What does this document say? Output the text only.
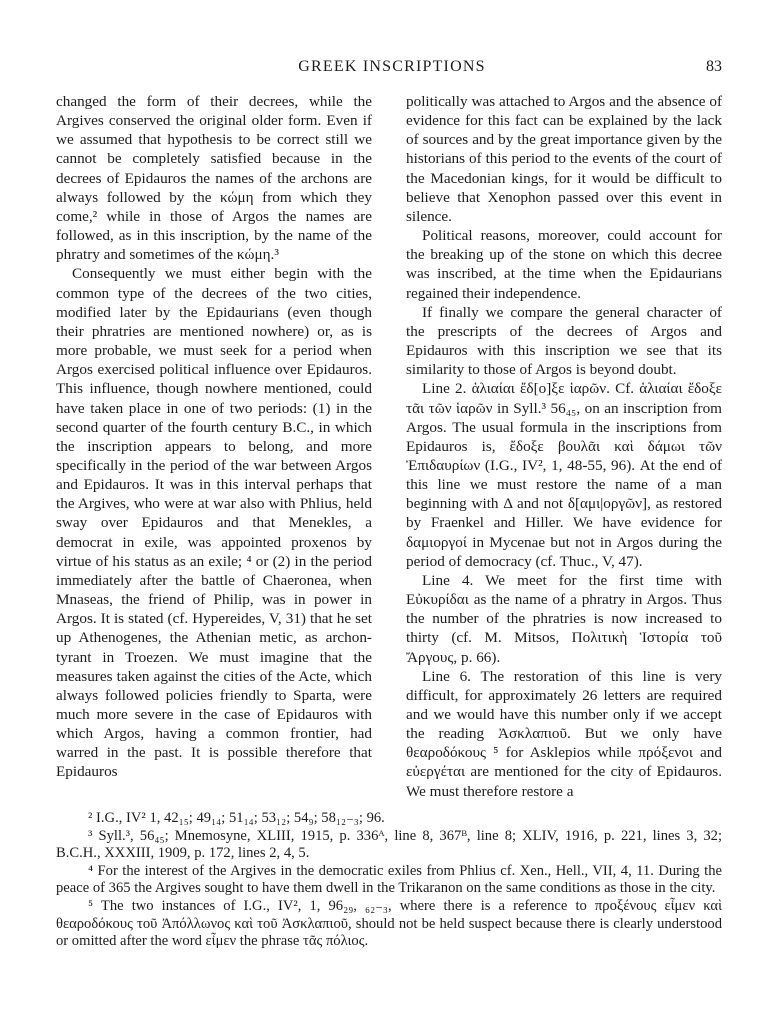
GREEK INSCRIPTIONS	83

changed the form of their decrees, while the Argives conserved the original older form. Even if we assumed that hypothesis to be correct still we cannot be completely satisfied because in the decrees of Epidauros the names of the archons are always followed by the κώμη from which they come,² while in those of Argos the names are followed, as in this inscription, by the name of the phratry and sometimes of the κώμη.³

Consequently we must either begin with the common type of the decrees of the two cities, modified later by the Epidaurians (even though their phratries are mentioned nowhere) or, as is more probable, we must seek for a period when Argos exercised political influence over Epidauros. This influence, though nowhere mentioned, could have taken place in one of two periods: (1) in the second quarter of the fourth century B.C., in which the inscription appears to belong, and more specifically in the period of the war between Argos and Epidauros. It was in this interval perhaps that the Argives, who were at war also with Phlius, held sway over Epidauros and that Menekles, a democrat in exile, was appointed proxenos by virtue of his status as an exile; ⁴ or (2) in the period immediately after the battle of Chaeronea, when Mnaseas, the friend of Philip, was in power in Argos. It is stated (cf. Hypereides, V, 31) that he set up Athenogenes, the Athenian metic, as archon-tyrant in Troezen. We must imagine that the measures taken against the cities of the Acte, which always followed policies friendly to Sparta, were much more severe in the case of Epidauros with which Argos, having a common frontier, had warred in the past. It is possible therefore that Epidauros

politically was attached to Argos and the absence of evidence for this fact can be explained by the lack of sources and by the great importance given by the historians of this period to the events of the court of the Macedonian kings, for it would be difficult to believe that Xenophon passed over this event in silence.

Political reasons, moreover, could account for the breaking up of the stone on which this decree was inscribed, at the time when the Epidaurians regained their independence.

If finally we compare the general character of the prescripts of the decrees of Argos and Epidauros with this inscription we see that its similarity to those of Argos is beyond doubt.

Line 2. ἁλιαίαι ἔδ[ο]ξε ἱαρῶν. Cf. ἁλιαίαι ἔδοξε τᾶι τῶν ἱαρῶν in Syll.³ 56₄₅, on an inscription from Argos. The usual formula in the inscriptions from Epidauros is, ἔδοξε βουλᾶι καὶ δάμωι τῶν Ἐπιδαυρίων (I.G., IV², 1, 48-55, 96). At the end of this line we must restore the name of a man beginning with Δ and not δ[αμι|οργῶν], as restored by Fraenkel and Hiller. We have evidence for δαμιοργοί in Mycenae but not in Argos during the period of democracy (cf. Thuc., V, 47).

Line 4. We meet for the first time with Εὐκυρίδαι as the name of a phratry in Argos. Thus the number of the phratries is now increased to thirty (cf. M. Mitsos, Πολιτικὴ Ἱστορία τοῦ Ἄργους, p. 66).

Line 6. The restoration of this line is very difficult, for approximately 26 letters are required and we would have this number only if we accept the reading Ἀσκλαπιοῦ. But we only have θεαροδόκους ⁵ for Asklepios while πρόξενοι and εὐεργέται are mentioned for the city of Epidauros. We must therefore restore a

² I.G., IV² 1, 42₁₅; 49₁₄; 51₁₄; 53₁₂; 54₉; 58₁₂₋₃; 96.

³ Syll.³, 56₄₅; Mnemosyne, XLIII, 1915, p. 336ᴬ, line 8, 367ᴮ, line 8; XLIV, 1916, p. 221, lines 3, 32; B.C.H., XXXIII, 1909, p. 172, lines 2, 4, 5.

⁴ For the interest of the Argives in the democratic exiles from Phlius cf. Xen., Hell., VII, 4, 11. During the peace of 365 the Argives sought to have them dwell in the Trikaranon on the same conditions as those in the city.

⁵ The two instances of I.G., IV², 1, 96₂₉, ₆₂₋₃, where there is a reference to προξένους εἶμεν καὶ θεαροδόκους τοῦ Ἀπόλλωνος καὶ τοῦ Ἀσκλαπιοῦ, should not be held suspect because there is clearly understood or omitted after the word εἶμεν the phrase τᾶς πόλιος.
